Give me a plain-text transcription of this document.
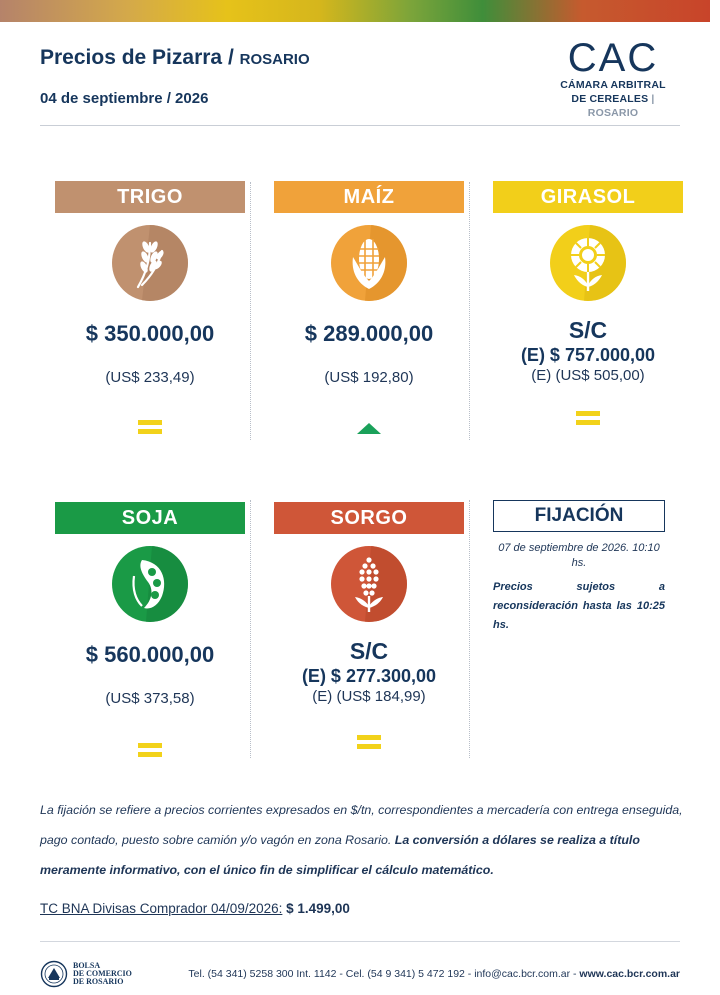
Precios de Pizarra / ROSARIO
04 de septiembre / 2026
CAC
CÁMARA ARBITRAL
DE CEREALES | ROSARIO
TRIGO
$ 350.000,00
(US$ 233,49)
MAÍZ
$ 289.000,00
(US$ 192,80)
GIRASOL
S/C
(E) $ 757.000,00
(E) (US$ 505,00)
SOJA
$ 560.000,00
(US$ 373,58)
SORGO
S/C
(E) $ 277.300,00
(E) (US$ 184,99)
FIJACIÓN
07 de septiembre de 2026. 10:10 hs.
Precios sujetos a reconsideración hasta las 10:25 hs.
La fijación se refiere a precios corrientes expresados en $/tn, correspondientes a mercadería con entrega enseguida, pago contado, puesto sobre camión y/o vagón en zona Rosario. La conversión a dólares se realiza a título meramente informativo, con el único fin de simplificar el cálculo matemático.
TC BNA Divisas Comprador 04/09/2026: $ 1.499,00
BOLSA
DE COMERCIO
DE ROSARIO
Tel. (54 341) 5258 300 Int. 1142 - Cel. (54 9 341) 5 472 192 - info@cac.bcr.com.ar - www.cac.bcr.com.ar
